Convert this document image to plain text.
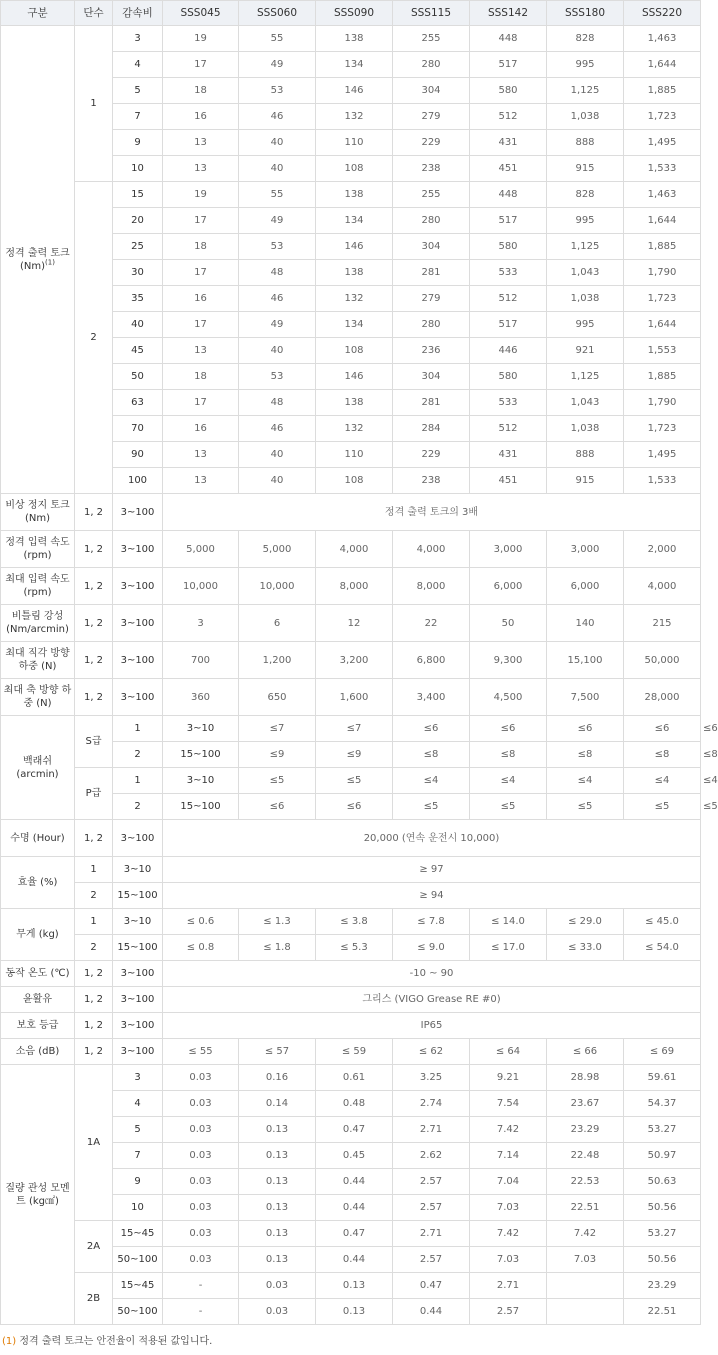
구분	단수	감속비	SSS045	SSS060	SSS090	SSS115	SSS142	SSS180	SSS220	
정격 출력 토크 $(Nm)^{(1)}$	1	3	19	55	138	255	448	828	1,463	
		4	17	49	134	280	517	995	1,644	
		5	18	53	146	304	580	1,125	1,885	
		7	16	46	132	279	512	1,038	1,723	
		9	13	40	110	229	431	888	1,495	
		10	13	40	108	238	451	915	1,533	
	2	15	19	55	138	255	448	828	1,463	
		20	17	49	134	280	517	995	1,644	
		25	18	53	146	304	580	1,125	1,885	
		30	17	48	138	281	533	1,043	1,790	
		35	16	46	132	279	512	1,038	1,723	
		40	17	49	134	280	517	995	1,644	
		45	13	40	108	236	446	921	1,553	
		50	18	53	146	304	580	1,125	1,885	
		63	17	48	138	281	533	1,043	1,790	
		70	16	46	132	284	512	1,038	1,723	
		90	13	40	110	229	431	888	1,495	
		100	13	40	108	238	451	915	1,533	
비상 정지 토크 (Nm)	1, 2	3~100	정격 출력 토크의 3배							
정격 입력 속도 (rpm)	1, 2	3~100	5,000	5,000	4,000	4,000	3,000	3,000	2,000	
최대 입력 속도 (rpm)	1, 2	3~100	10,000	10,000	8,000	8,000	6,000	6,000	4,000	
비틀림 강성 (Nm/arcmin)	1, 2	3~100	3	6	12	22	50	140	215	
최대 직각 방향 하중 (N)	1, 2	3~100	700	1,200	3,200	6,800	9,300	15,100	50,000	
최대 축 방향 하중 (N)	1, 2	3~100	360	650	1,600	3,400	4,500	7,500	28,000	
백래쉬 (arcmin)	S급	1	3~10	≤7	≤7	≤6	≤6	≤6	≤6	≤6
		2	15~100	≤9	≤9	≤8	≤8	≤8	≤8	≤8
	P급	1	3~10	≤5	≤5	≤4	≤4	≤4	≤4	≤4
		2	15~100	≤6	≤6	≤5	≤5	≤5	≤5	≤5
수명 (Hour)	1, 2	3~100	20,000 (연속 운전시 10,000)							
효율 (%)	1	3~10	≥ 97							
	2	15~100	≥ 94							
무게 (kg)	1	3~10	≤ 0.6	≤ 1.3	≤ 3.8	≤ 7.8	≤ 14.0	≤ 29.0	≤ 45.0	
	2	15~100	≤ 0.8	≤ 1.8	≤ 5.3	≤ 9.0	≤ 17.0	≤ 33.0	≤ 54.0	
동작 온도 (℃)	1, 2	3~100	-10 ~ 90							
윤활유	1, 2	3~100	그리스 (VIGO Grease RE #0)							
보호 등급	1, 2	3~100	IP65							
소음 (dB)	1, 2	3~100	≤ 55	≤ 57	≤ 59	≤ 62	≤ 64	≤ 66	≤ 69	
질량 관성 모멘트 (kg㎠)	1A	3	0.03	0.16	0.61	3.25	9.21	28.98	59.61	
		4	0.03	0.14	0.48	2.74	7.54	23.67	54.37	
		5	0.03	0.13	0.47	2.71	7.42	23.29	53.27	
		7	0.03	0.13	0.45	2.62	7.14	22.48	50.97	
		9	0.03	0.13	0.44	2.57	7.04	22.53	50.63	
		10	0.03	0.13	0.44	2.57	7.03	22.51	50.56	
	2A	15~45	0.03	0.13	0.47	2.71	7.42	7.42	53.27	
		50~100	0.03	0.13	0.44	2.57	7.03	7.03	50.56	
	2B	15~45	-	0.03	0.13	0.47	2.71		23.29	
		50~100	-	0.03	0.13	0.44	2.57		22.51	
(1) 정격 출력 토크는 안전율이 적용된 값입니다.
